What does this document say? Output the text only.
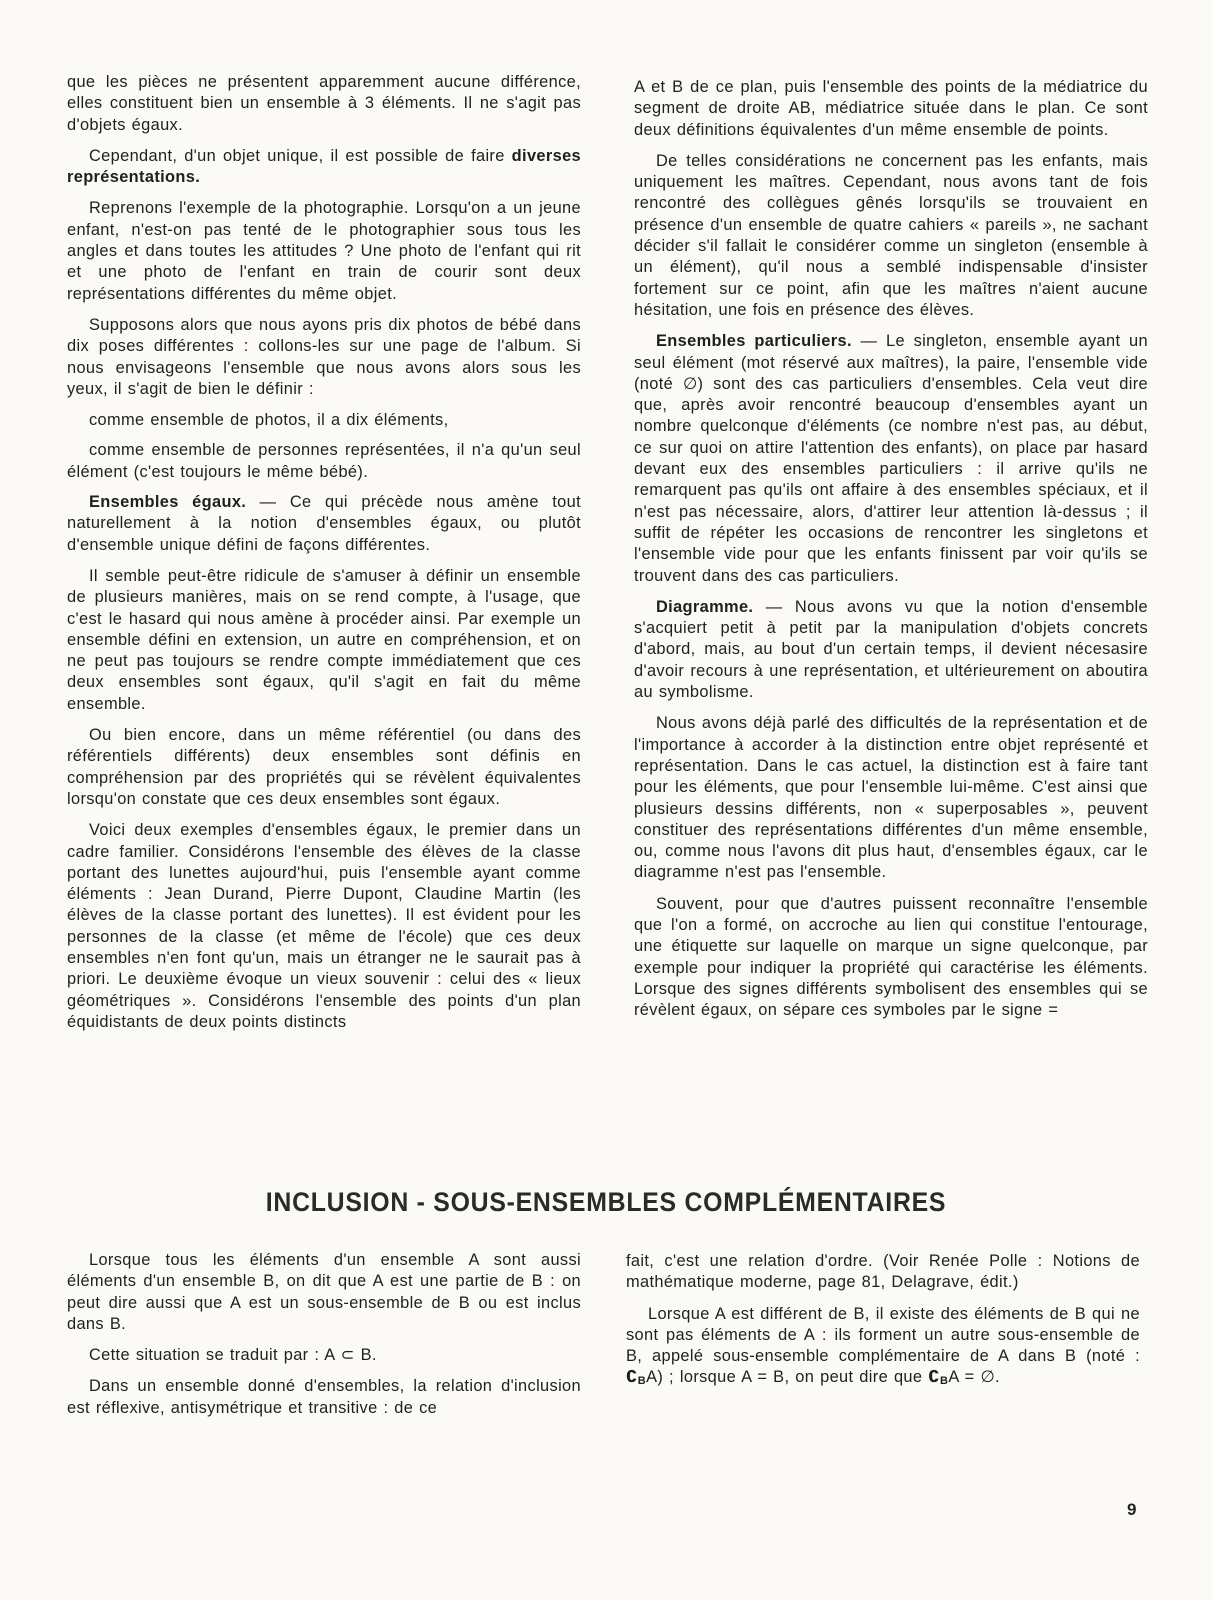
que les pièces ne présentent apparemment aucune différence, elles constituent bien un ensemble à 3 éléments. Il ne s'agit pas d'objets égaux.

Cependant, d'un objet unique, il est possible de faire diverses représentations.

Reprenons l'exemple de la photographie. Lorsqu'on a un jeune enfant, n'est-on pas tenté de le photographier sous tous les angles et dans toutes les attitudes ? Une photo de l'enfant qui rit et une photo de l'enfant en train de courir sont deux représentations différentes du même objet.

Supposons alors que nous ayons pris dix photos de bébé dans dix poses différentes : collons-les sur une page de l'album. Si nous envisageons l'ensemble que nous avons alors sous les yeux, il s'agit de bien le définir :

comme ensemble de photos, il a dix éléments,

comme ensemble de personnes représentées, il n'a qu'un seul élément (c'est toujours le même bébé).

Ensembles égaux. — Ce qui précède nous amène tout naturellement à la notion d'ensembles égaux, ou plutôt d'ensemble unique défini de façons différentes.

Il semble peut-être ridicule de s'amuser à définir un ensemble de plusieurs manières, mais on se rend compte, à l'usage, que c'est le hasard qui nous amène à procéder ainsi. Par exemple un ensemble défini en extension, un autre en compréhension, et on ne peut pas toujours se rendre compte immédiatement que ces deux ensembles sont égaux, qu'il s'agit en fait du même ensemble.

Ou bien encore, dans un même référentiel (ou dans des référentiels différents) deux ensembles sont définis en compréhension par des propriétés qui se révèlent équivalentes lorsqu'on constate que ces deux ensembles sont égaux.

Voici deux exemples d'ensembles égaux, le premier dans un cadre familier. Considérons l'ensemble des élèves de la classe portant des lunettes aujourd'hui, puis l'ensemble ayant comme éléments : Jean Durand, Pierre Dupont, Claudine Martin (les élèves de la classe portant des lunettes). Il est évident pour les personnes de la classe (et même de l'école) que ces deux ensembles n'en font qu'un, mais un étranger ne le saurait pas à priori. Le deuxième évoque un vieux souvenir : celui des « lieux géométriques ». Considérons l'ensemble des points d'un plan équidistants de deux points distincts

A et B de ce plan, puis l'ensemble des points de la médiatrice du segment de droite AB, médiatrice située dans le plan. Ce sont deux définitions équivalentes d'un même ensemble de points.

De telles considérations ne concernent pas les enfants, mais uniquement les maîtres. Cependant, nous avons tant de fois rencontré des collègues gênés lorsqu'ils se trouvaient en présence d'un ensemble de quatre cahiers « pareils », ne sachant décider s'il fallait le considérer comme un singleton (ensemble à un élément), qu'il nous a semblé indispensable d'insister fortement sur ce point, afin que les maîtres n'aient aucune hésitation, une fois en présence des élèves.

Ensembles particuliers. — Le singleton, ensemble ayant un seul élément (mot réservé aux maîtres), la paire, l'ensemble vide (noté ∅) sont des cas particuliers d'ensembles. Cela veut dire que, après avoir rencontré beaucoup d'ensembles ayant un nombre quelconque d'éléments (ce nombre n'est pas, au début, ce sur quoi on attire l'attention des enfants), on place par hasard devant eux des ensembles particuliers : il arrive qu'ils ne remarquent pas qu'ils ont affaire à des ensembles spéciaux, et il n'est pas nécessaire, alors, d'attirer leur attention là-dessus ; il suffit de répéter les occasions de rencontrer les singletons et l'ensemble vide pour que les enfants finissent par voir qu'ils se trouvent dans des cas particuliers.

Diagramme. — Nous avons vu que la notion d'ensemble s'acquiert petit à petit par la manipulation d'objets concrets d'abord, mais, au bout d'un certain temps, il devient nécesasire d'avoir recours à une représentation, et ultérieurement on aboutira au symbolisme.

Nous avons déjà parlé des difficultés de la représentation et de l'importance à accorder à la distinction entre objet représenté et représentation. Dans le cas actuel, la distinction est à faire tant pour les éléments, que pour l'ensemble lui-même. C'est ainsi que plusieurs dessins différents, non « superposables », peuvent constituer des représentations différentes d'un même ensemble, ou, comme nous l'avons dit plus haut, d'ensembles égaux, car le diagramme n'est pas l'ensemble.

Souvent, pour que d'autres puissent reconnaître l'ensemble que l'on a formé, on accroche au lien qui constitue l'entourage, une étiquette sur laquelle on marque un signe quelconque, par exemple pour indiquer la propriété qui caractérise les éléments. Lorsque des signes différents symbolisent des ensembles qui se révèlent égaux, on sépare ces symboles par le signe =

INCLUSION - SOUS-ENSEMBLES COMPLÉMENTAIRES

Lorsque tous les éléments d'un ensemble A sont aussi éléments d'un ensemble B, on dit que A est une partie de B : on peut dire aussi que A est un sous-ensemble de B ou est inclus dans B.

Cette situation se traduit par : A ⊂ B.

Dans un ensemble donné d'ensembles, la relation d'inclusion est réflexive, antisymétrique et transitive : de ce

fait, c'est une relation d'ordre. (Voir Renée Polle : Notions de mathématique moderne, page 81, Delagrave, édit.)

Lorsque A est différent de B, il existe des éléments de B qui ne sont pas éléments de A : ils forment un autre sous-ensemble de B, appelé sous-ensemble complémentaire de A dans B (noté : ∁BA) ; lorsque A = B, on peut dire que ∁BA = ∅.

9
